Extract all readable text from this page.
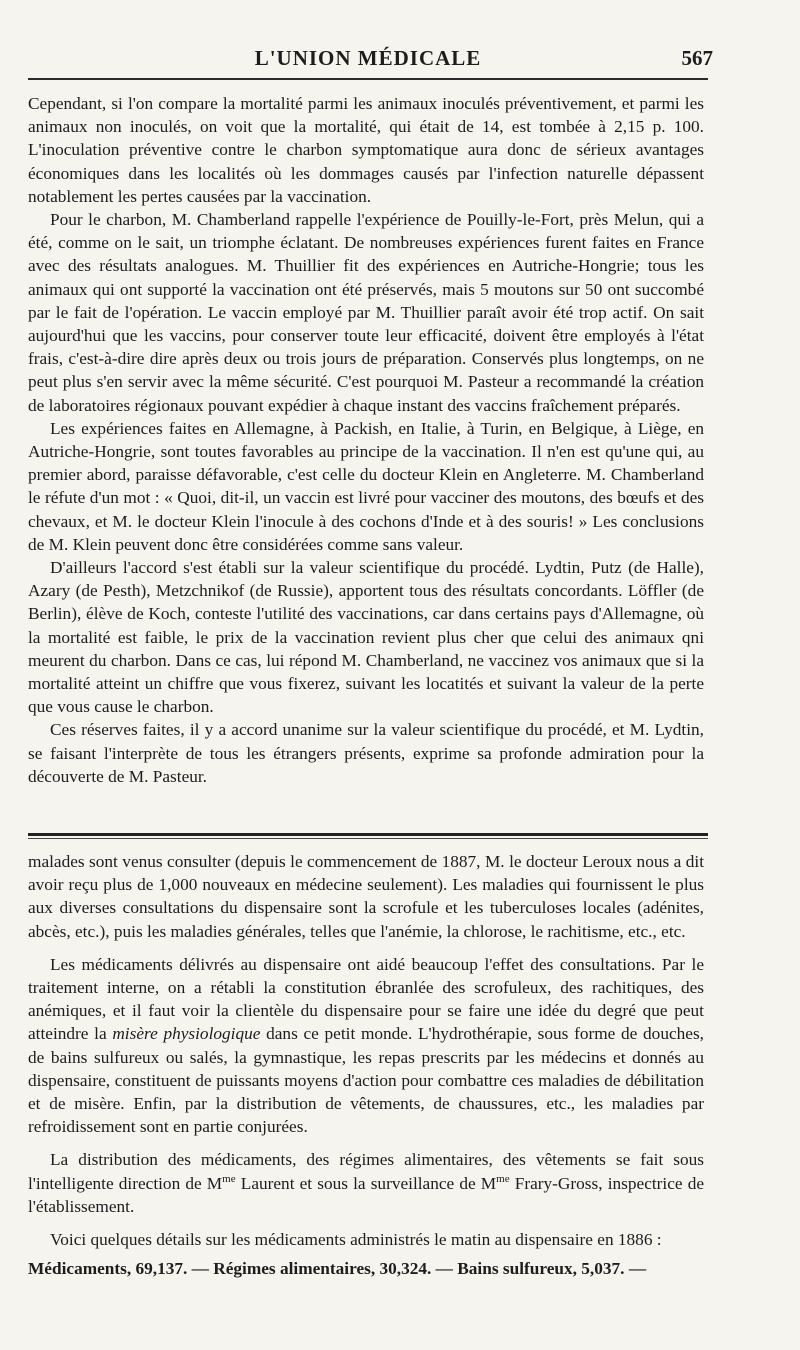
L'UNION MÉDICALE	567

Cependant, si l'on compare la mortalité parmi les animaux inoculés préventivement, et parmi les animaux non inoculés, on voit que la mortalité, qui était de 14, est tombée à 2,15 p. 100. L'inoculation préventive contre le charbon symptomatique aura donc de sérieux avantages économiques dans les localités où les dommages causés par l'infection naturelle dépassent notablement les pertes causées par la vaccination.

Pour le charbon, M. Chamberland rappelle l'expérience de Pouilly-le-Fort, près Melun, qui a été, comme on le sait, un triomphe éclatant. De nombreuses expériences furent faites en France avec des résultats analogues. M. Thuillier fit des expériences en Autriche-Hongrie; tous les animaux qui ont supporté la vaccination ont été préservés, mais 5 moutons sur 50 ont succombé par le fait de l'opération. Le vaccin employé par M. Thuillier paraît avoir été trop actif. On sait aujourd'hui que les vaccins, pour conserver toute leur efficacité, doivent être employés à l'état frais, c'est-à-dire dire après deux ou trois jours de préparation. Conservés plus longtemps, on ne peut plus s'en servir avec la même sécurité. C'est pourquoi M. Pasteur a recommandé la création de laboratoires régionaux pouvant expédier à chaque instant des vaccins fraîchement préparés.

Les expériences faites en Allemagne, à Packish, en Italie, à Turin, en Belgique, à Liège, en Autriche-Hongrie, sont toutes favorables au principe de la vaccination. Il n'en est qu'une qui, au premier abord, paraisse défavorable, c'est celle du docteur Klein en Angleterre. M. Chamberland le réfute d'un mot : « Quoi, dit-il, un vaccin est livré pour vacciner des moutons, des bœufs et des chevaux, et M. le docteur Klein l'inocule à des cochons d'Inde et à des souris! » Les conclusions de M. Klein peuvent donc être considérées comme sans valeur.

D'ailleurs l'accord s'est établi sur la valeur scientifique du procédé. Lydtin, Putz (de Halle), Azary (de Pesth), Metzchnikof (de Russie), apportent tous des résultats concordants. Löffler (de Berlin), élève de Koch, conteste l'utilité des vaccinations, car dans certains pays d'Allemagne, où la mortalité est faible, le prix de la vaccination revient plus cher que celui des animaux qni meurent du charbon. Dans ce cas, lui répond M. Chamberland, ne vaccinez vos animaux que si la mortalité atteint un chiffre que vous fixerez, suivant les locatités et suivant la valeur de la perte que vous cause le charbon.

Ces réserves faites, il y a accord unanime sur la valeur scientifique du procédé, et M. Lydtin, se faisant l'interprète de tous les étrangers présents, exprime sa profonde admiration pour la découverte de M. Pasteur.

malades sont venus consulter (depuis le commencement de 1887, M. le docteur Leroux nous a dit avoir reçu plus de 1,000 nouveaux en médecine seulement). Les maladies qui fournissent le plus aux diverses consultations du dispensaire sont la scrofule et les tuberculoses locales (adénites, abcès, etc.), puis les maladies générales, telles que l'anémie, la chlorose, le rachitisme, etc., etc.

Les médicaments délivrés au dispensaire ont aidé beaucoup l'effet des consultations. Par le traitement interne, on a rétabli la constitution ébranlée des scrofuleux, des rachitiques, des anémiques, et il faut voir la clientèle du dispensaire pour se faire une idée du degré que peut atteindre la misère physiologique dans ce petit monde. L'hydrothérapie, sous forme de douches, de bains sulfureux ou salés, la gymnastique, les repas prescrits par les médecins et donnés au dispensaire, constituent de puissants moyens d'action pour combattre ces maladies de débilitation et de misère. Enfin, par la distribution de vêtements, de chaussures, etc., les maladies par refroidissement sont en partie conjurées.

La distribution des médicaments, des régimes alimentaires, des vêtements se fait sous l'intelligente direction de $M^{me}$ Laurent et sous la surveillance de $M^{me}$ Frary-Gross, inspectrice de l'établissement.

Voici quelques détails sur les médicaments administrés le matin au dispensaire en 1886 :

Médicaments, 69,137. — Régimes alimentaires, 30,324. — Bains sulfureux, 5,037. —
